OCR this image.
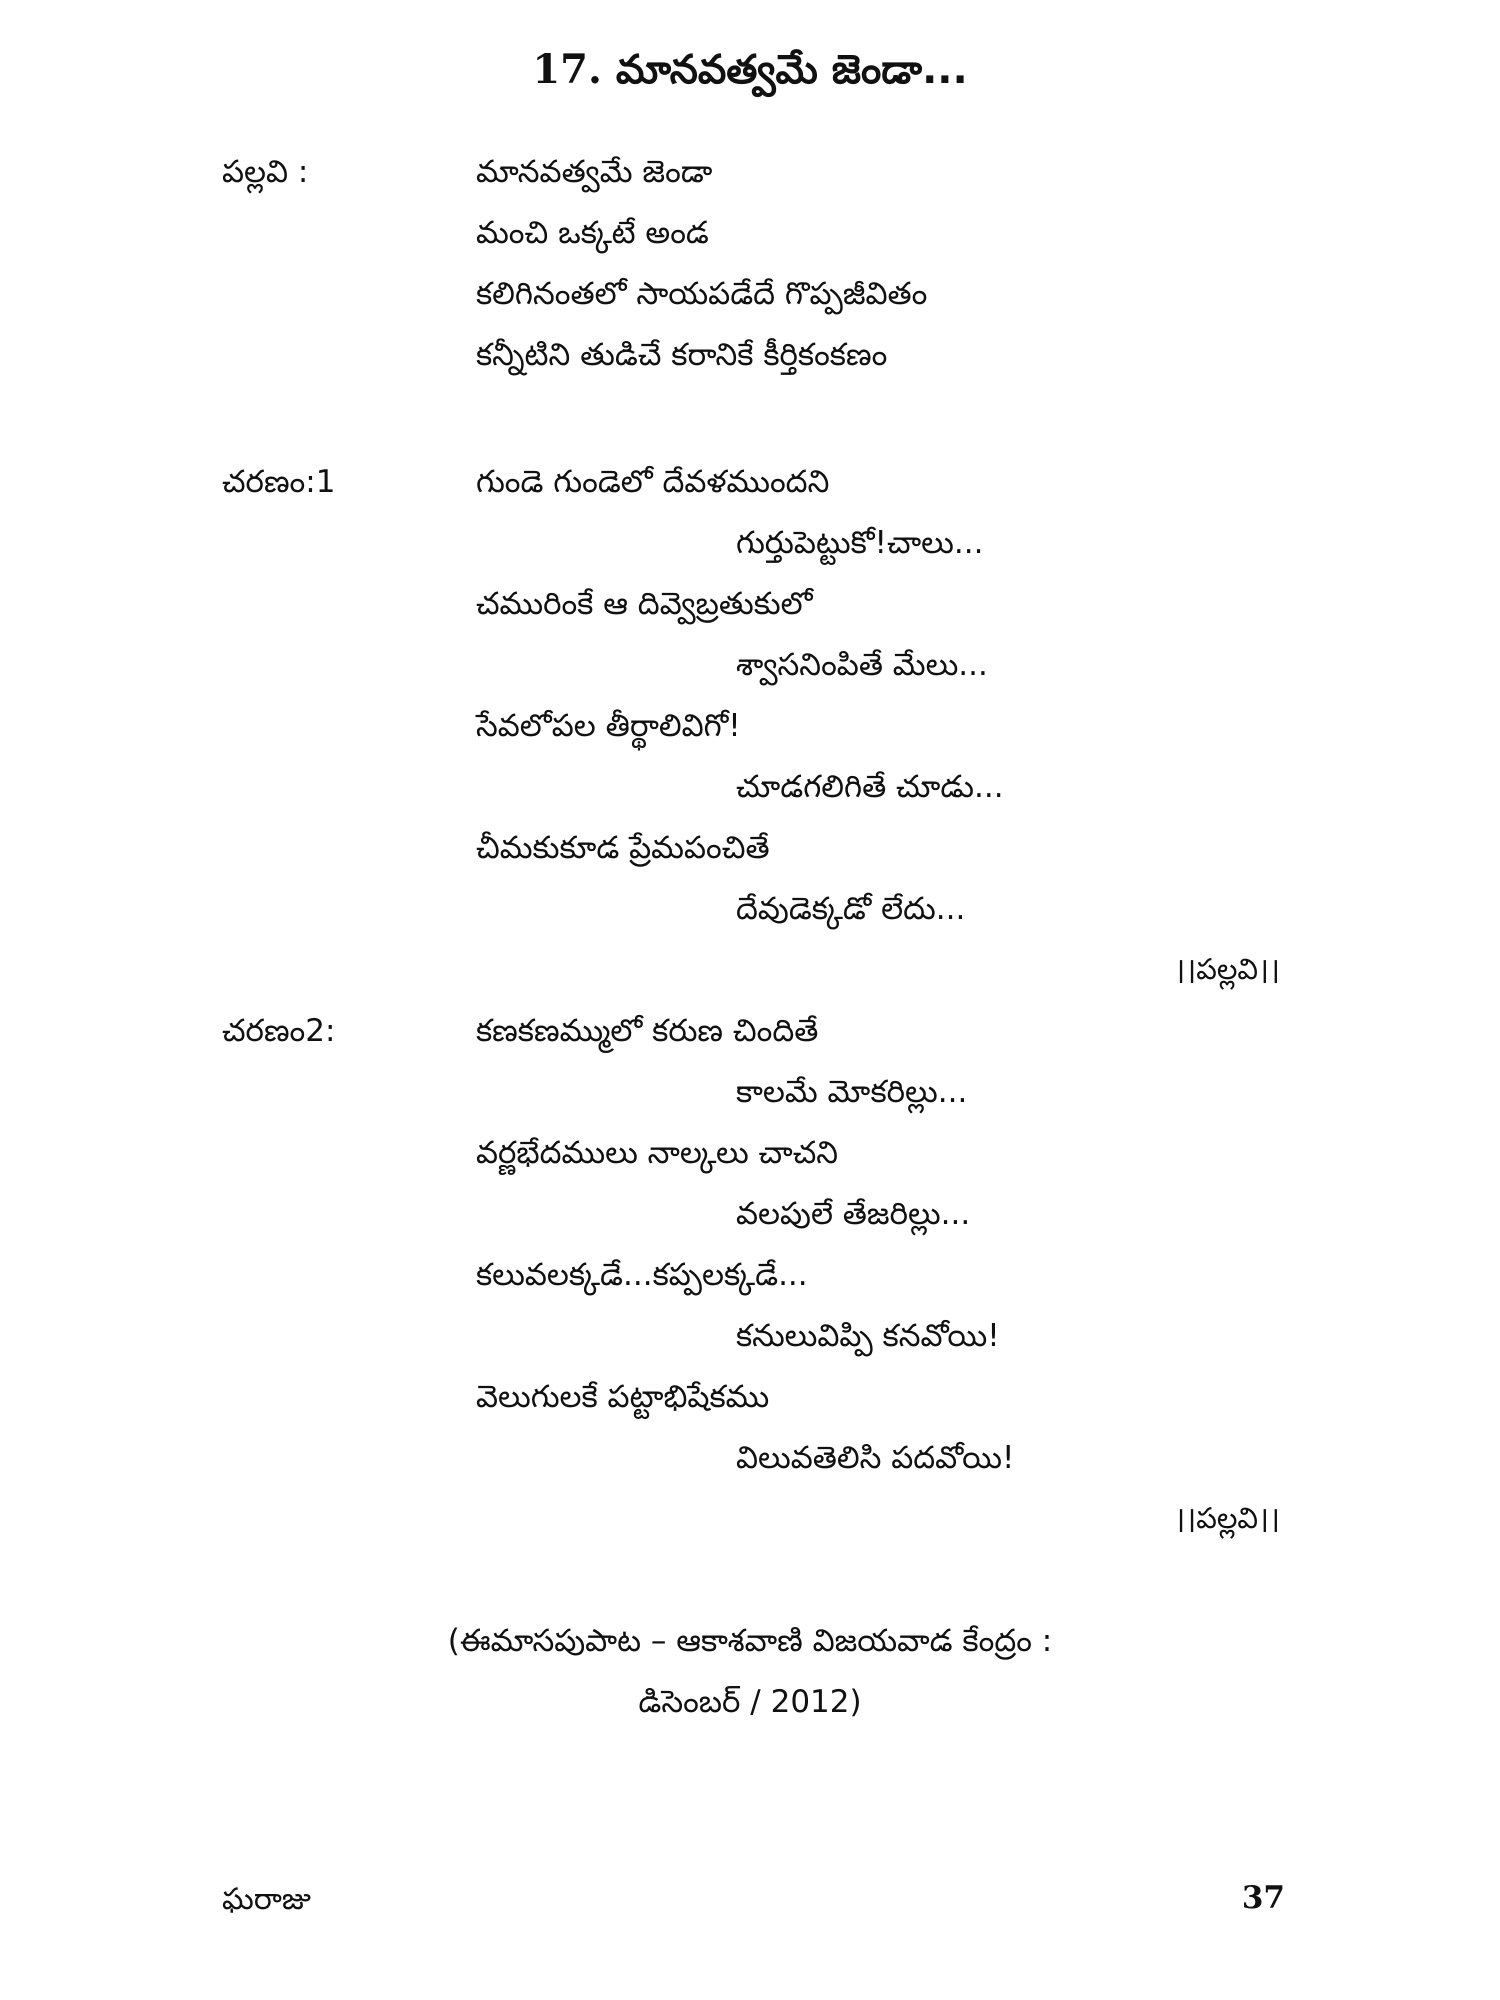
17. మానవత్వమే జెండా...
పల్లవి :	మానవత్వమే జెండా
మంచి ఒక్కటే అండ
కలిగినంతలో సాయపడేదే గొప్పజీవితం
కన్నీటిని తుడిచే కరానికే కీర్తికంకణం
చరణం:1	గుండె గుండెలో దేవళముందని
గుర్తుపెట్టుకో!చాలు...
చమురింకే ఆ దివ్వెబ్రతుకులో
శ్వాసనింపితే మేలు...
సేవలోపల తీర్థాలివిగో!
చూడగలిగితే చూడు...
చీమకుకూడ ప్రేమపంచితే
దేవుడెక్కడో లేదు...
।।పల్లవి।।
చరణం2:	కణకణమ్ములో కరుణ చిందితే
కాలమే మోకరిల్లు...
వర్ణభేదములు నాల్కలు చాచని
వలపులే తేజరిల్లు...
కలువలక్కడే...కప్పలక్కడే...
కనులువిప్పి కనవోయి!
వెలుగులకే పట్టాభిషేకము
విలువతెలిసి పదవోయి!
।।పల్లవి।।
(ఈమాసపుపాట – ఆకాశవాణి విజయవాడ కేంద్రం :
డిసెంబర్ / 2012)
ఘరాజు	37
